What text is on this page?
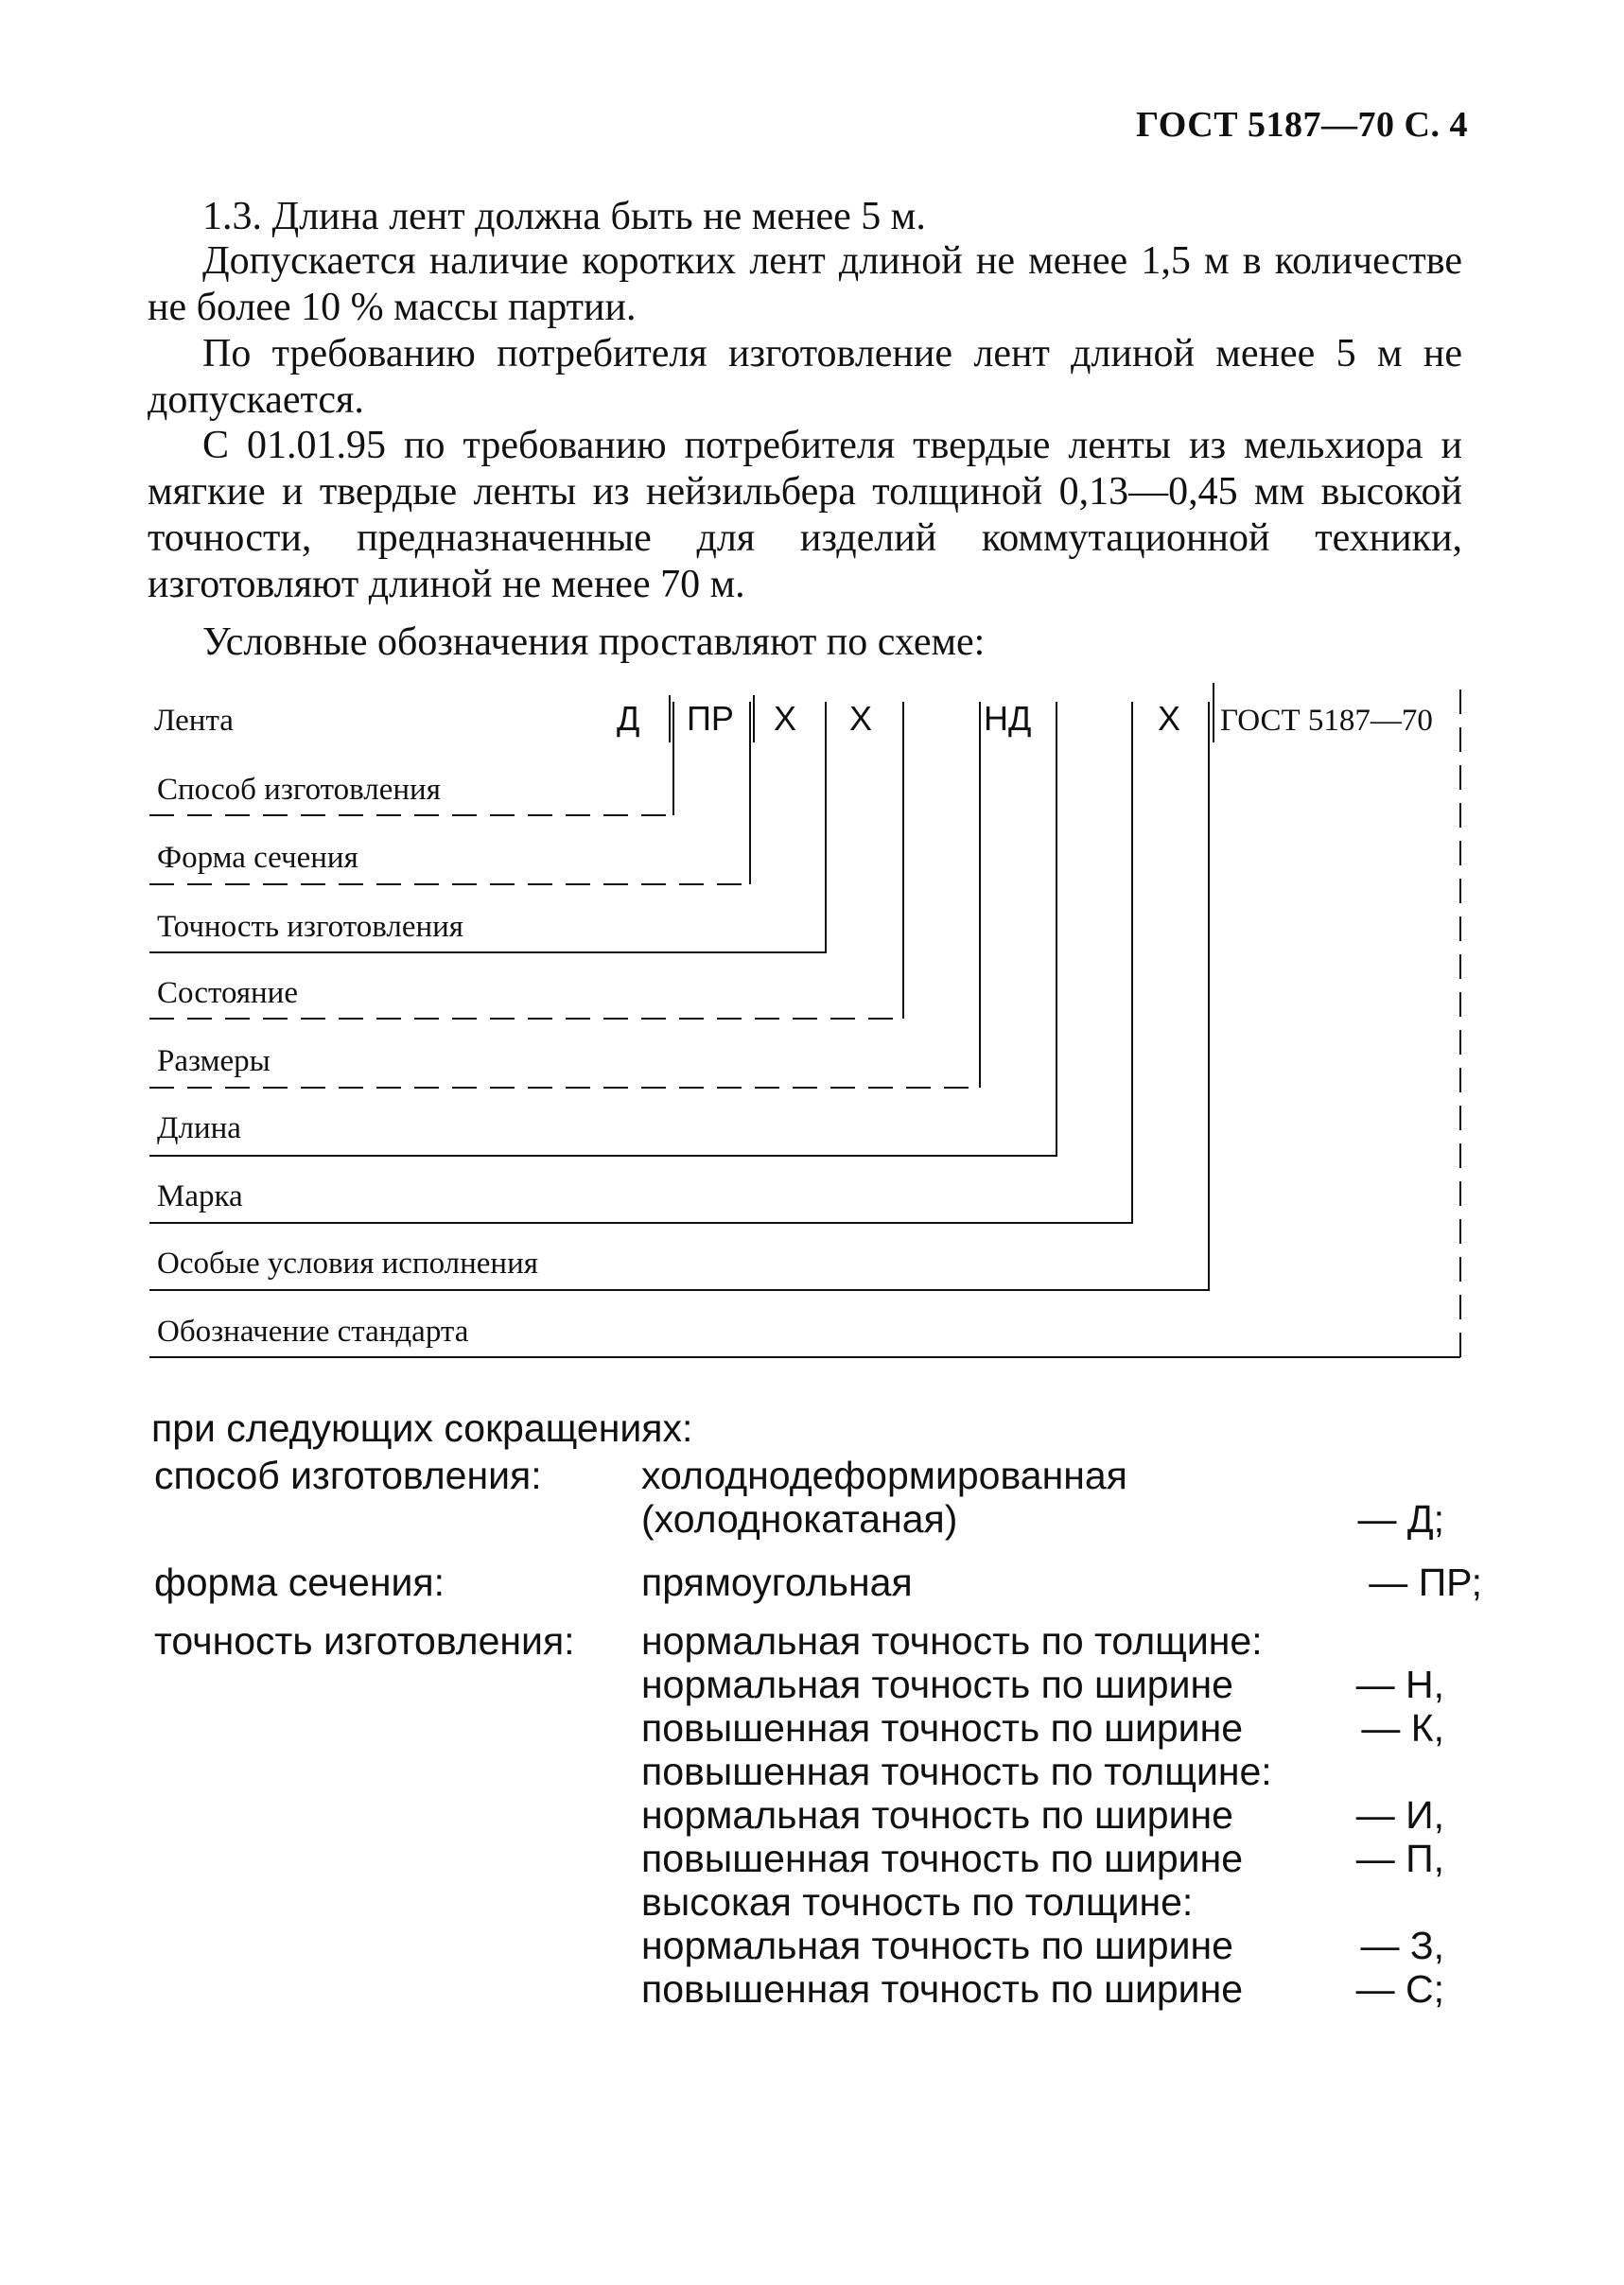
ГОСТ 5187—70 С. 4

1.3. Длина лент должна быть не менее 5 м.

Допускается наличие коротких лент длиной не менее 1,5 м в количестве не более 10 % массы партии.

По требованию потребителя изготовление лент длиной менее 5 м не допускается.

С 01.01.95 по требованию потребителя твердые ленты из мельхиора и мягкие и твердые ленты из нейзильбера толщиной 0,13—0,45 мм высокой точности, предназначенные для изделий коммутационной техники, изготовляют длиной не менее 70 м.

Условные обозначения проставляют по схеме:
Лента	Д ПР Х Х	НД	Х ГОСТ 5187—70
Способ изготовления
Форма сечения
Точность изготовления
Состояние
Размеры
Длина
Марка
Особые условия исполнения
Обозначение стандарта
при следующих сокращениях:
способ изготовления:	холоднодеформированная
(холоднокатаная)	— Д;
форма сечения:	прямоугольная	— ПР;
точность изготовления: нормальная точность по толщине:
нормальная точность по ширине	— Н,
повышенная точность по ширине	— К,
повышенная точность по толщине:
нормальная точность по ширине	— И,
повышенная точность по ширине	— П,
высокая точность по толщине:
нормальная точность по ширине	— З,
повышенная точность по ширине	— С;
